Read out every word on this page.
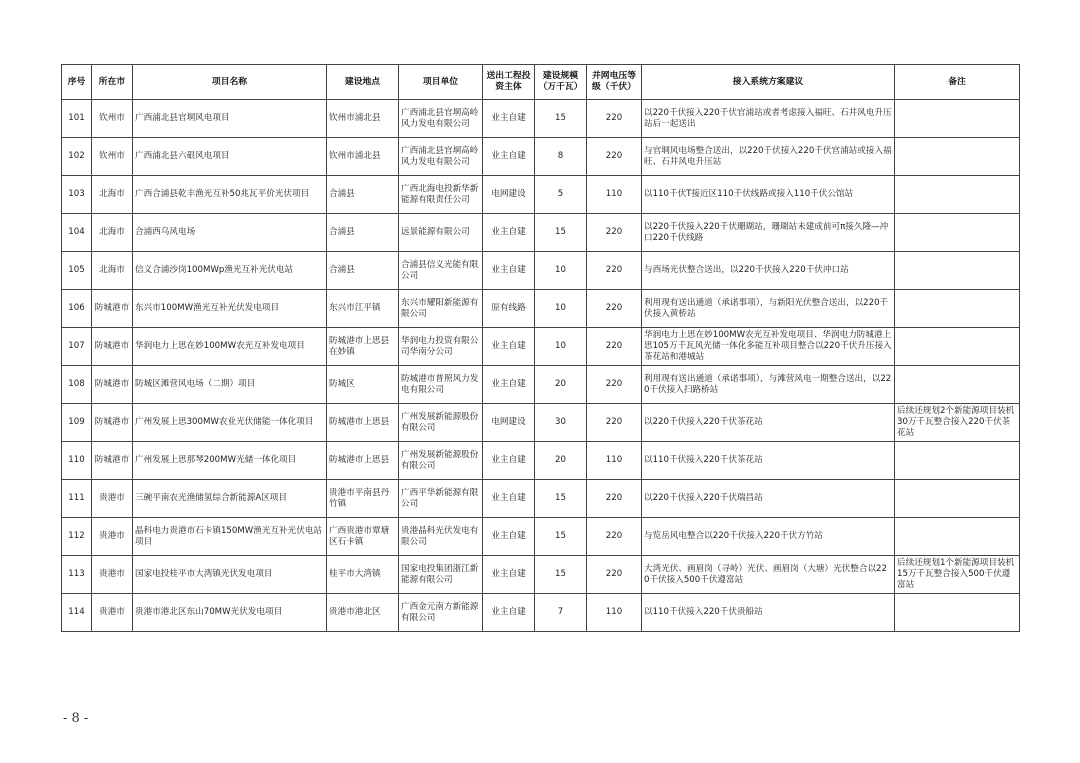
序号	所在市	项目名称	建设地点	项目单位	送出工程投资主体	建设规模（万千瓦）	并网电压等级（千伏）	接入系统方案建议	备注
101	钦州市	广西浦北县官垌风电项目	钦州市浦北县	广西浦北县官垌高岭风力发电有限公司	业主自建	15	220	以220千伏接入220千伏官浦站或者考虑接入福旺、石井风电升压站后一起送出	
102	钦州市	广西浦北县六硍风电项目	钦州市浦北县	广西浦北县官垌高岭风力发电有限公司	业主自建	8	220	与官垌风电场整合送出，以220千伏接入220千伏官浦站或接入福旺、石井风电升压站	
103	北海市	广西合浦县乾丰渔光互补50兆瓦平价光伏项目	合浦县	广西北海电投新华新能源有限责任公司	电网建设	5	110	以110千伏T接近区110千伏线路或接入110千伏公馆站	
104	北海市	合浦西乌风电场	合浦县	远景能源有限公司	业主自建	15	220	以220千伏接入220千伏珊瑚站，珊瑚站未建成前可π接久隆—冲口220千伏线路	
105	北海市	信义合浦沙岗100MWp渔光互补光伏电站	合浦县	合浦县信义光能有限公司	业主自建	10	220	与西场光伏整合送出，以220千伏接入220千伏冲口站	
106	防城港市	东兴市100MW渔光互补光伏发电项目	东兴市江平镇	东兴市耀阳新能源有限公司	原有线路	10	220	利用现有送出通道（承诺事项），与新阳光伏整合送出，以220千伏接入黄桥站	
107	防城港市	华润电力上思在妙100MW农光互补发电项目	防城港市上思县在妙镇	华润电力投资有限公司华南分公司	业主自建	10	220	华润电力上思在妙100MW农光互补发电项目、华润电力防城港上思105万千瓦风光储一体化多能互补项目整合以220千伏升压接入茶花站和港城站	
108	防城港市	防城区滩营风电场（二期）项目	防城区	防城港市普照风力发电有限公司	业主自建	20	220	利用现有送出通道（承诺事项），与滩营风电一期整合送出，以220千伏接入扫路桥站	
109	防城港市	广州发展上思300MW农业光伏储能一体化项目	防城港市上思县	广州发展新能源股份有限公司	电网建设	30	220	以220千伏接入220千伏茶花站	后续还规划2个新能源项目装机30万千瓦整合接入220千伏茶花站
110	防城港市	广州发展上思那琴200MW光储一体化项目	防城港市上思县	广州发展新能源股份有限公司	业主自建	20	110	以110千伏接入220千伏茶花站	
111	贵港市	三碗平南农光渔储氢综合新能源A区项目	贵港市平南县丹竹镇	广西平华新能源有限公司	业主自建	15	220	以220千伏接入220千伏瑞昌站	
112	贵港市	晶科电力贵港市石卡镇150MW渔光互补光伏电站项目	广西贵港市覃塘区石卡镇	贵港晶科光伏发电有限公司	业主自建	15	220	与览岳风电整合以220千伏接入220千伏方竹站	
113	贵港市	国家电投桂平市大湾镇光伏发电项目	桂平市大湾镇	国家电投集团浙江新能源有限公司	业主自建	15	220	大湾光伏、画眉岗（寻岭）光伏、画眉岗（大塘）光伏整合以220千伏接入500千伏遵富站	后续还规划1个新能源项目装机15万千瓦整合接入500千伏遵富站
114	贵港市	贵港市港北区东山70MW光伏发电项目	贵港市港北区	广西金元南方新能源有限公司	业主自建	7	110	以110千伏接入220千伏贵船站	
- 8 -
